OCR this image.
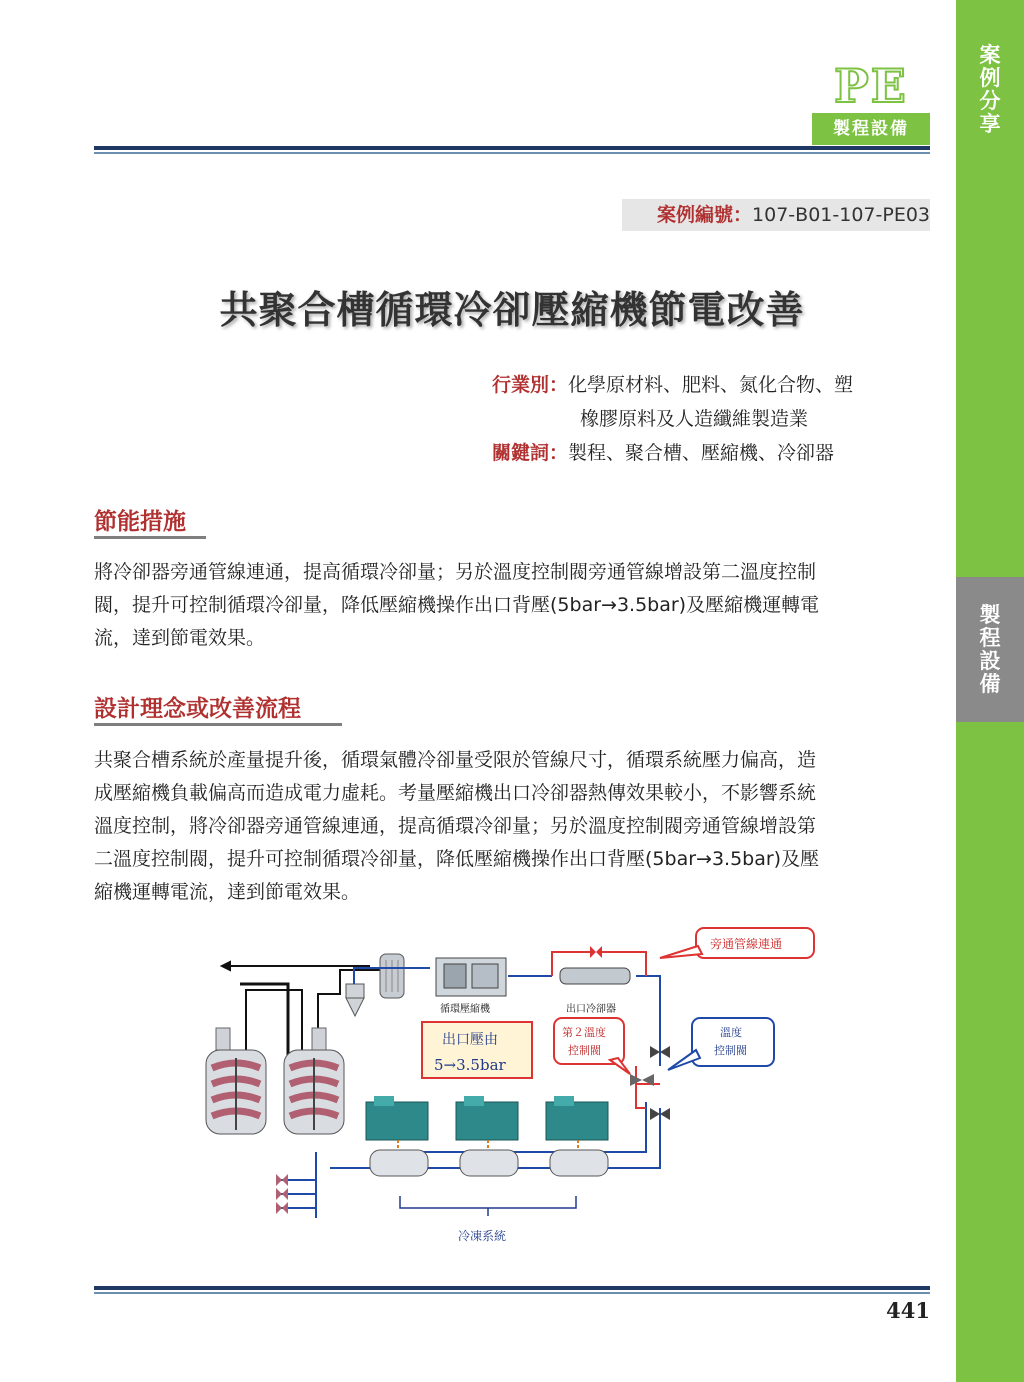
案例分享
製程設備
PE
製程設備
案例編號：107-B01-107-PE03
共聚合槽循環冷卻壓縮機節電改善
行業別：化學原材料、肥料、氮化合物、塑
橡膠原料及人造纖維製造業
關鍵詞：製程、聚合槽、壓縮機、冷卻器
節能措施
將冷卻器旁通管線連通，提高循環冷卻量；另於溫度控制閥旁通管線增設第二溫度控制
閥，提升可控制循環冷卻量，降低壓縮機操作出口背壓(5bar→3.5bar)及壓縮機運轉電
流，達到節電效果。
設計理念或改善流程
共聚合槽系統於產量提升後，循環氣體冷卻量受限於管線尺寸，循環系統壓力偏高，造
成壓縮機負載偏高而造成電力虛耗。考量壓縮機出口冷卻器熱傳效果較小，不影響系統
溫度控制，將冷卻器旁通管線連通，提高循環冷卻量；另於溫度控制閥旁通管線增設第
二溫度控制閥，提升可控制循環冷卻量，降低壓縮機操作出口背壓(5bar→3.5bar)及壓
縮機運轉電流，達到節電效果。
循環壓縮機	出口冷卻器
旁通管線連通
出口壓由
5→3.5bar
第２溫度
控制閥
溫度
控制閥
冷凍系統
441
